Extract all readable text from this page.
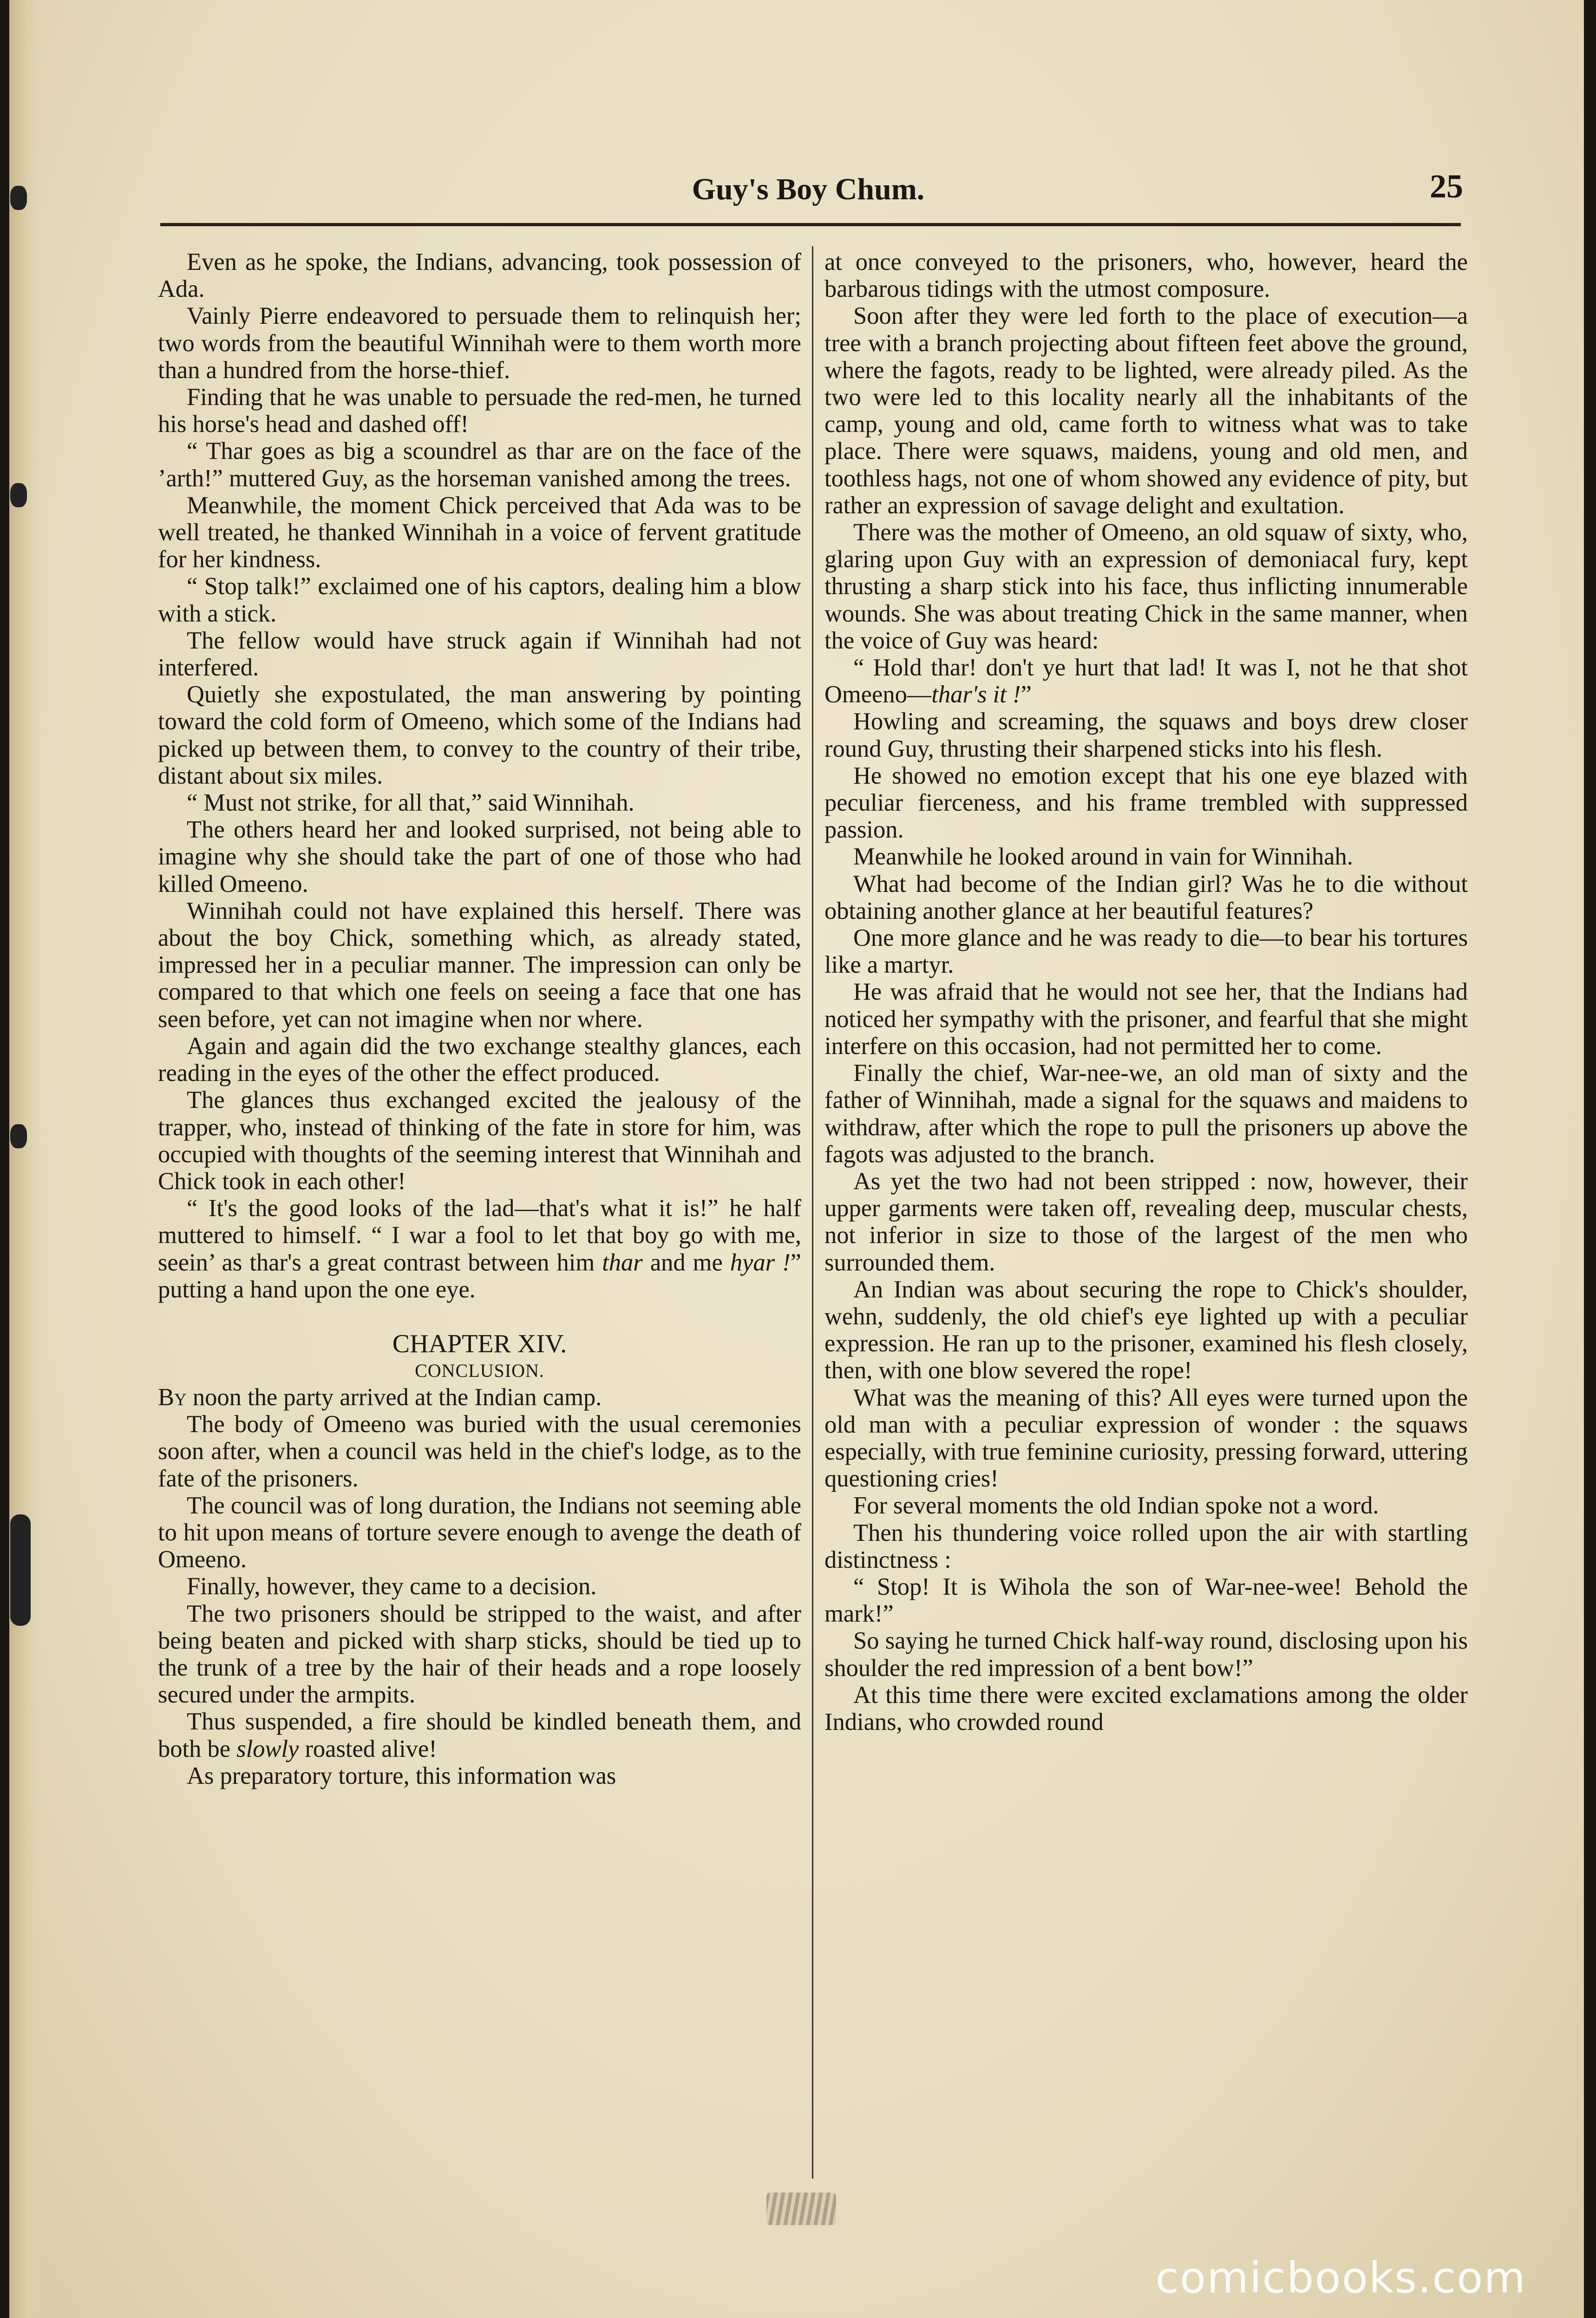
Guy's Boy Chum.	25

Even as he spoke, the Indians, advancing, took possession of Ada.

Vainly Pierre endeavored to persuade them to relinquish her; two words from the beautiful Winnihah were to them worth more than a hundred from the horse-thief.

Finding that he was unable to persuade the red-men, he turned his horse's head and dashed off!

“ Thar goes as big a scoundrel as thar are on the face of the ’arth!” muttered Guy, as the horseman vanished among the trees.

Meanwhile, the moment Chick perceived that Ada was to be well treated, he thanked Winnihah in a voice of fervent gratitude for her kindness.

“ Stop talk!” exclaimed one of his captors, dealing him a blow with a stick.

The fellow would have struck again if Winnihah had not interfered.

Quietly she expostulated, the man answering by pointing toward the cold form of Omeeno, which some of the Indians had picked up between them, to convey to the country of their tribe, distant about six miles.

“ Must not strike, for all that,” said Winnihah.

The others heard her and looked surprised, not being able to imagine why she should take the part of one of those who had killed Omeeno.

Winnihah could not have explained this herself. There was about the boy Chick, something which, as already stated, impressed her in a peculiar manner. The impression can only be compared to that which one feels on seeing a face that one has seen before, yet can not imagine when nor where.

Again and again did the two exchange stealthy glances, each reading in the eyes of the other the effect produced.

The glances thus exchanged excited the jealousy of the trapper, who, instead of thinking of the fate in store for him, was occupied with thoughts of the seeming interest that Winnihah and Chick took in each other!

“ It's the good looks of the lad—that's what it is!” he half muttered to himself. “ I war a fool to let that boy go with me, seein’ as thar's a great contrast between him thar and me hyar !” putting a hand upon the one eye.

CHAPTER XIV.
CONCLUSION.

By noon the party arrived at the Indian camp.

The body of Omeeno was buried with the usual ceremonies soon after, when a council was held in the chief's lodge, as to the fate of the prisoners.

The council was of long duration, the Indians not seeming able to hit upon means of torture severe enough to avenge the death of Omeeno.

Finally, however, they came to a decision.

The two prisoners should be stripped to the waist, and after being beaten and picked with sharp sticks, should be tied up to the trunk of a tree by the hair of their heads and a rope loosely secured under the armpits.

Thus suspended, a fire should be kindled beneath them, and both be slowly roasted alive!

As preparatory torture, this information was

at once conveyed to the prisoners, who, however, heard the barbarous tidings with the utmost composure.

Soon after they were led forth to the place of execution—a tree with a branch projecting about fifteen feet above the ground, where the fagots, ready to be lighted, were already piled. As the two were led to this locality nearly all the inhabitants of the camp, young and old, came forth to witness what was to take place. There were squaws, maidens, young and old men, and toothless hags, not one of whom showed any evidence of pity, but rather an expression of savage delight and exultation.

There was the mother of Omeeno, an old squaw of sixty, who, glaring upon Guy with an expression of demoniacal fury, kept thrusting a sharp stick into his face, thus inflicting innumerable wounds. She was about treating Chick in the same manner, when the voice of Guy was heard:

“ Hold thar! don't ye hurt that lad! It was I, not he that shot Omeeno—thar's it !”

Howling and screaming, the squaws and boys drew closer round Guy, thrusting their sharpened sticks into his flesh.

He showed no emotion except that his one eye blazed with peculiar fierceness, and his frame trembled with suppressed passion.

Meanwhile he looked around in vain for Winnihah.

What had become of the Indian girl? Was he to die without obtaining another glance at her beautiful features?

One more glance and he was ready to die—to bear his tortures like a martyr.

He was afraid that he would not see her, that the Indians had noticed her sympathy with the prisoner, and fearful that she might interfere on this occasion, had not permitted her to come.

Finally the chief, War-nee-we, an old man of sixty and the father of Winnihah, made a signal for the squaws and maidens to withdraw, after which the rope to pull the prisoners up above the fagots was adjusted to the branch.

As yet the two had not been stripped : now, however, their upper garments were taken off, revealing deep, muscular chests, not inferior in size to those of the largest of the men who surrounded them.

An Indian was about securing the rope to Chick's shoulder, wehn, suddenly, the old chief's eye lighted up with a peculiar expression. He ran up to the prisoner, examined his flesh closely, then, with one blow severed the rope!

What was the meaning of this? All eyes were turned upon the old man with a peculiar expression of wonder : the squaws especially, with true feminine curiosity, pressing forward, uttering questioning cries!

For several moments the old Indian spoke not a word.

Then his thundering voice rolled upon the air with startling distinctness :

“ Stop! It is Wihola the son of War-nee-wee! Behold the mark!”

So saying he turned Chick half-way round, disclosing upon his shoulder the red impression of a bent bow!”

At this time there were excited exclamations among the older Indians, who crowded round

comicbooks.com
